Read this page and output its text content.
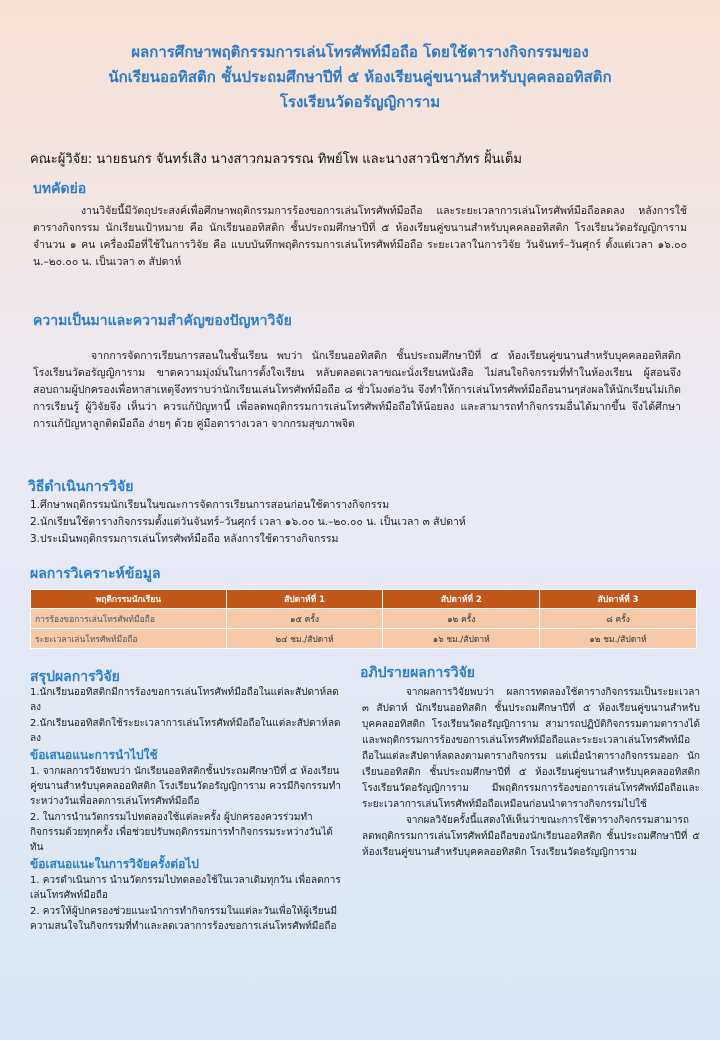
ผลการศึกษาพฤติกรรมการเล่นโทรศัพท์มือถือ โดยใช้ตารางกิจกรรมของ
นักเรียนออทิสติก ชั้นประถมศึกษาปีที่ ๕ ห้องเรียนคู่ขนานสำหรับบุคคลออทิสติก
โรงเรียนวัดอรัญญิการาม
คณะผู้วิจัย: นายธนกร จันทร์เสิง นางสาวกมลวรรณ ทิพย์โพ และนางสาวนิชาภัทร ฝั้นเต็ม
บทคัดย่อ

งานวิจัยนี้มีวัตถุประสงค์เพื่อศึกษาพฤติกรรมการร้องขอการเล่นโทรศัพท์มือถือ และระยะเวลาการเล่นโทรศัพท์มือถือลดลง หลังการใช้ตารางกิจกรรม นักเรียนเป้าหมาย คือ นักเรียนออทิสติก ชั้นประถมศึกษาปีที่ ๕ ห้องเรียนคู่ขนานสำหรับบุคคลออทิสติก โรงเรียนวัดอรัญญิการาม จำนวน ๑ คน เครื่องมือที่ใช้ในการวิจัย คือ แบบบันทึกพฤติกรรมการเล่นโทรศัพท์มือถือ ระยะเวลาในการวิจัย วันจันทร์–วันศุกร์ ตั้งแต่เวลา ๑๖.๐๐ น.–๒๐.๐๐ น. เป็นเวลา ๓ สัปดาห์

ความเป็นมาและความสำคัญของปัญหาวิจัย

จากการจัดการเรียนการสอนในชั้นเรียน พบว่า นักเรียนออทิสติก ชั้นประถมศึกษาปีที่ ๕ ห้องเรียนคู่ขนานสำหรับบุคคลออทิสติก โรงเรียนวัดอรัญญิการาม ขาดความมุ่งมั่นในการตั้งใจเรียน หลับตลอดเวลาขณะนั่งเรียนหนังสือ ไม่สนใจกิจกรรมที่ทำในห้องเรียน ผู้สอนจึงสอบถามผู้ปกครองเพื่อหาสาเหตุจึงทราบว่านักเรียนเล่นโทรศัพท์มือถือ ๘ ชั่วโมงต่อวัน จึงทำให้การเล่นโทรศัพท์มือถือนานๆส่งผลให้นักเรียนไม่เกิดการเรียนรู้ ผู้วิจัยจึง เห็นว่า ควรแก้ปัญหานี้ เพื่อลดพฤติกรรมการเล่นโทรศัพท์มือถือให้น้อยลง และสามารถทำกิจกรรมอื่นได้มากขึ้น จึงได้ศึกษาการแก้ปัญหาลูกติดมือถือ ง่ายๆ ด้วย คู่มือตารางเวลา จากกรมสุขภาพจิต

วิธีดำเนินการวิจัย
1.ศึกษาพฤติกรรมนักเรียนในขณะการจัดการเรียนการสอนก่อนใช้ตารางกิจกรรม
2.นักเรียนใช้ตารางกิจกรรมตั้งแต่วันจันทร์–วันศุกร์ เวลา ๑๖.๐๐ น.–๒๐.๐๐ น. เป็นเวลา ๓ สัปดาห์
3.ประเมินพฤติกรรมการเล่นโทรศัพท์มือถือ หลังการใช้ตารางกิจกรรม
ผลการวิเคราะห์ข้อมูล
พฤติกรรมนักเรียน	สัปดาห์ที่ 1	สัปดาห์ที่ 2	สัปดาห์ที่ 3
การร้องขอการเล่นโทรศัพท์มือถือ	๑๕ ครั้ง	๑๒ ครั้ง	๘ ครั้ง
ระยะเวลาเล่นโทรศัพท์มือถือ	๒๔ ชม./สัปดาห์	๑๖ ชม./สัปดาห์	๑๒ ชม./สัปดาห์
สรุปผลการวิจัย
1.นักเรียนออทิสติกมีการร้องขอการเล่นโทรศัพท์มือถือในแต่ละสัปดาห์ลดลง
2.นักเรียนออทิสติกใช้ระยะเวลาการเล่นโทรศัพท์มือถือในแต่ละสัปดาห์ลดลง
ข้อเสนอแนะการนำไปใช้
1. จากผลการวิจัยพบว่า นักเรียนออทิสติกชั้นประถมศึกษาปีที่ ๕ ห้องเรียนคู่ขนานสำหรับบุคคลออทิสติก โรงเรียนวัดอรัญญิการาม ควรมีกิจกรรมทำระหว่างวันเพื่อลดการเล่นโทรศัพท์มือถือ
2. ในการนำนวัตกรรมไปทดลองใช้แต่ละครั้ง ผู้ปกครองควรร่วมทำกิจกรรมด้วยทุกครั้ง เพื่อช่วยปรับพฤติกรรมการทำกิจกรรมระหว่างวันได้ทัน
ข้อเสนอแนะในการวิจัยครั้งต่อไป
1. ควรดำเนินการ นำนวัตกรรมไปทดลองใช้ในเวลาเดิมทุกวัน เพื่อลดการเล่นโทรศัพท์มือถือ
2. ควรให้ผู้ปกครองช่วยแนะนำการทำกิจกรรมในแต่ละวันเพื่อให้ผู้เรียนมีความสนใจในกิจกรรมที่ทำและลดเวลาการร้องขอการเล่นโทรศัพท์มือถือ
อภิปรายผลการวิจัย

จากผลการวิจัยพบว่า ผลการทดลองใช้ตารางกิจกรรมเป็นระยะเวลา ๓ สัปดาห์ นักเรียนออทิสติก ชั้นประถมศึกษาปีที่ ๕ ห้องเรียนคู่ขนานสำหรับบุคคลออทิสติก โรงเรียนวัดอรัญญิการาม สามารถปฏิบัติกิจกรรมตามตารางได้และพฤติกรรมการร้องขอการเล่นโทรศัพท์มือถือและระยะเวลาเล่นโทรศัพท์มือถือในแต่ละสัปดาห์ลดลงตามตารางกิจกรรม แต่เมื่อนำตารางกิจกรรมออก นักเรียนออทิสติก ชั้นประถมศึกษาปีที่ ๕ ห้องเรียนคู่ขนานสำหรับบุคคลออทิสติก โรงเรียนวัดอรัญญิการาม มีพฤติกรรมการร้องขอการเล่นโทรศัพท์มือถือและระยะเวลาการเล่นโทรศัพท์มือถือเหมือนก่อนนำตารางกิจกรรมไปใช้

จากผลวิจัยครั้งนี้แสดงให้เห็นว่าขณะการใช้ตารางกิจกรรมสามารถลดพฤติกรรมการเล่นโทรศัพท์มือถือของนักเรียนออทิสติก ชั้นประถมศึกษาปีที่ ๕ ห้องเรียนคู่ขนานสำหรับบุคคลออทิสติก โรงเรียนวัดอรัญญิการาม
